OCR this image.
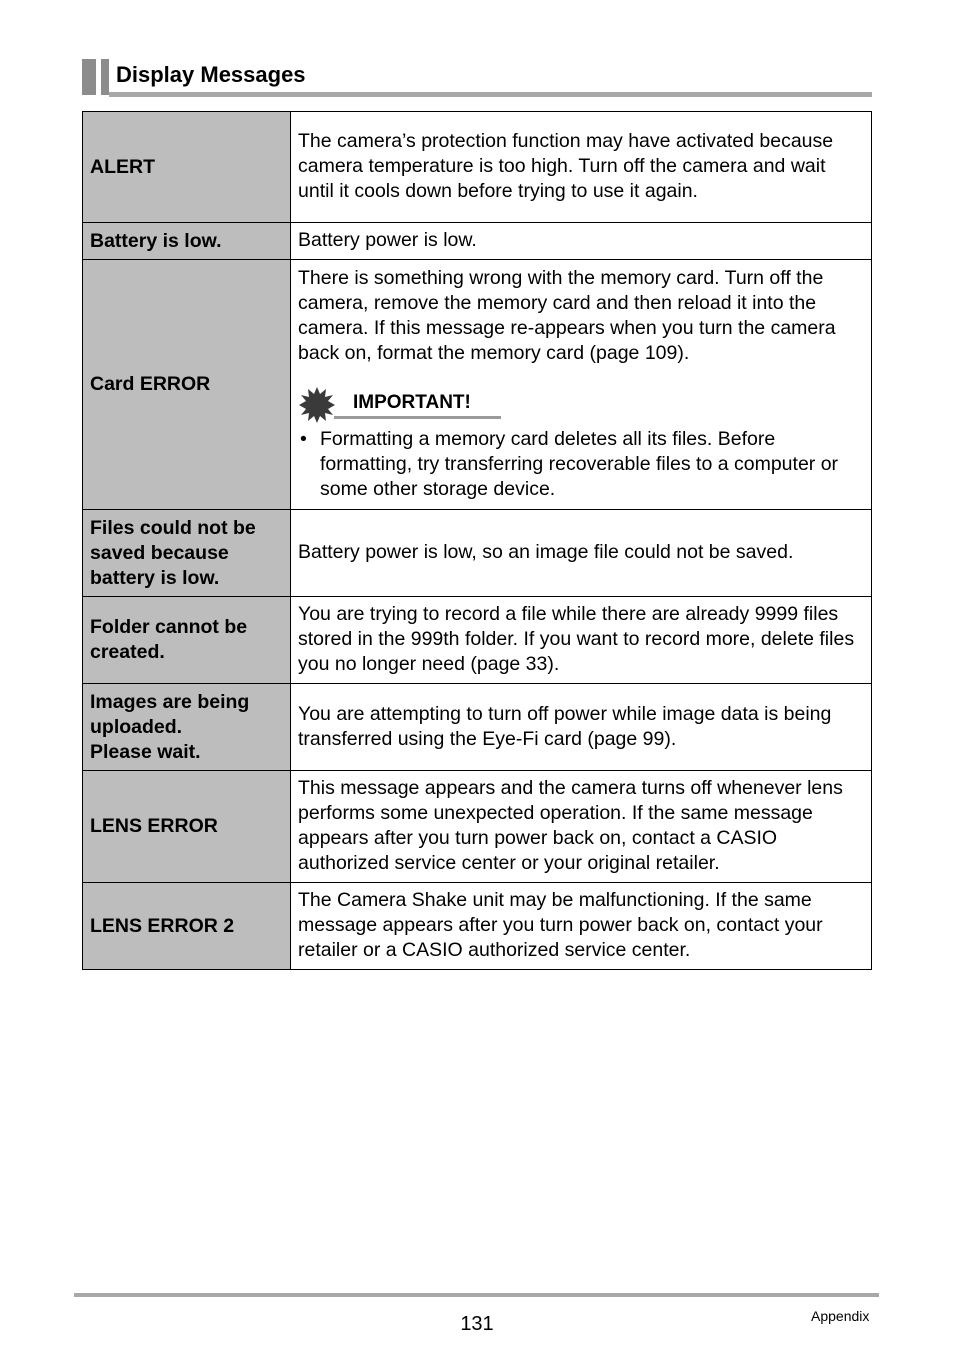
Display Messages
ALERT	The camera’s protection function may have activated because camera temperature is too high. Turn off the camera and wait until it cools down before trying to use it again.
Battery is low.	Battery power is low.
Card ERROR	There is something wrong with the memory card. Turn off the camera, remove the memory card and then reload it into the camera. If this message re-appears when you turn the camera back on, format the memory card (page 109).
IMPORTANT!
• Formatting a memory card deletes all its files. Before formatting, try transferring recoverable files to a computer or some other storage device.

Files could not be saved because battery is low.	Battery power is low, so an image file could not be saved.
Folder cannot be created.	You are trying to record a file while there are already 9999 files stored in the 999th folder. If you want to record more, delete files you no longer need (page 33).

Images are being uploaded.
Please wait.	You are attempting to turn off power while image data is being transferred using the Eye-Fi card (page 99).
LENS ERROR	This message appears and the camera turns off whenever lens performs some unexpected operation. If the same message appears after you turn power back on, contact a CASIO authorized service center or your original retailer.
LENS ERROR 2	The Camera Shake unit may be malfunctioning. If the same message appears after you turn power back on, contact your retailer or a CASIO authorized service center.
131	Appendix
